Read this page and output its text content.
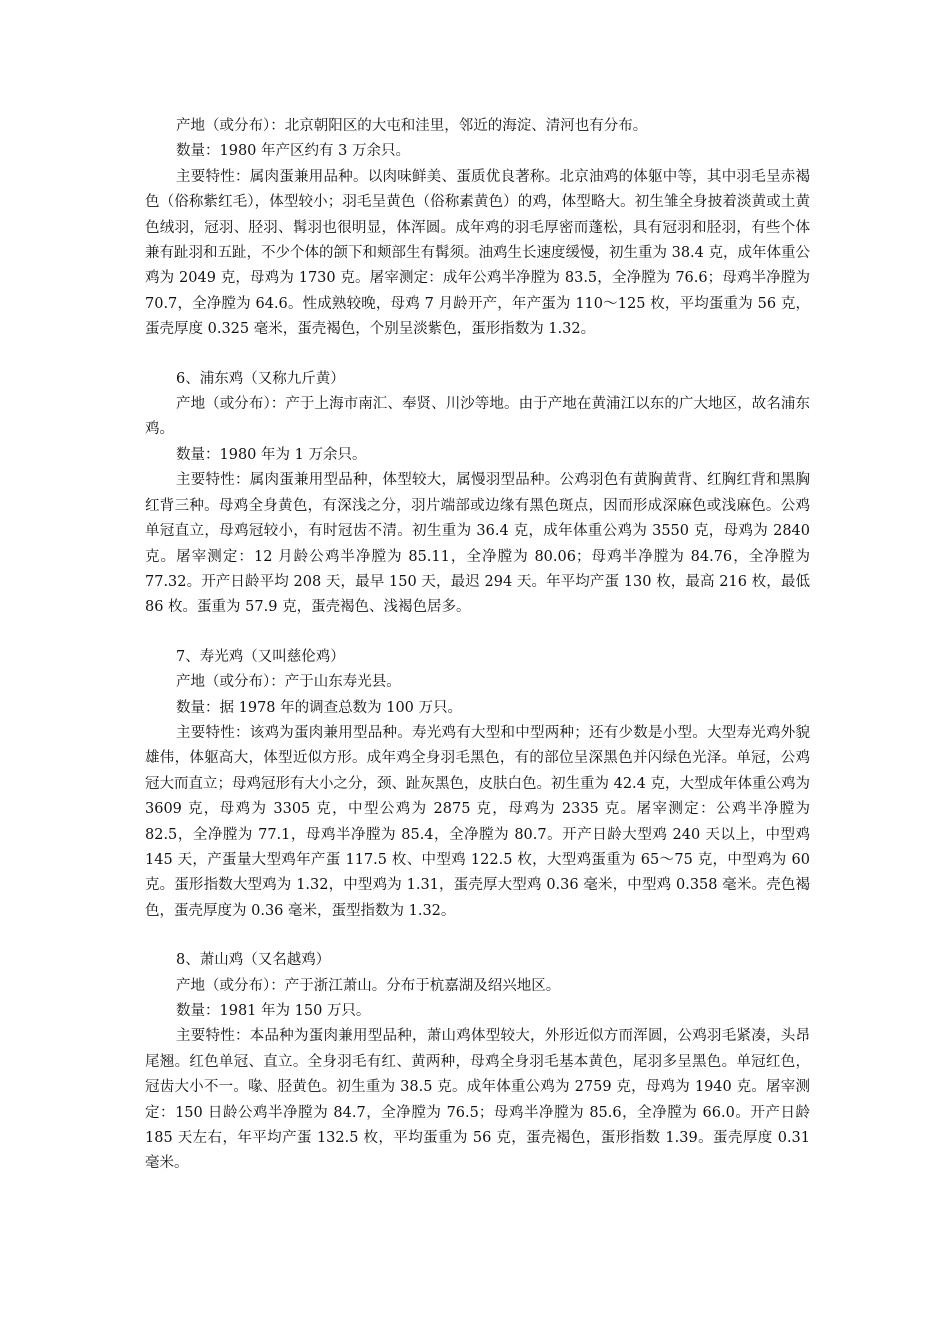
产地（或分布）：北京朝阳区的大屯和洼里，邻近的海淀、清河也有分布。

数量：1980 年产区约有 3 万余只。

主要特性：属肉蛋兼用品种。以肉味鲜美、蛋质优良著称。北京油鸡的体躯中等，其中羽毛呈赤褐色（俗称紫红毛），体型较小；羽毛呈黄色（俗称素黄色）的鸡，体型略大。初生雏全身披着淡黄或土黄色绒羽，冠羽、胫羽、髯羽也很明显，体浑圆。成年鸡的羽毛厚密而蓬松，具有冠羽和胫羽，有些个体兼有趾羽和五趾，不少个体的颌下和颊部生有髯须。油鸡生长速度缓慢，初生重为 38.4 克，成年体重公鸡为 2049 克，母鸡为 1730 克。屠宰测定：成年公鸡半净膛为 83.5，全净膛为 76.6；母鸡半净膛为 70.7，全净膛为 64.6。性成熟较晚，母鸡 7 月龄开产，年产蛋为 110～125 枚，平均蛋重为 56 克，蛋壳厚度 0.325 毫米，蛋壳褐色，个别呈淡紫色，蛋形指数为 1.32。

6、浦东鸡（又称九斤黄）

产地（或分布）：产于上海市南汇、奉贤、川沙等地。由于产地在黄浦江以东的广大地区，故名浦东鸡。

数量：1980 年为 1 万余只。

主要特性：属肉蛋兼用型品种，体型较大，属慢羽型品种。公鸡羽色有黄胸黄背、红胸红背和黑胸红背三种。母鸡全身黄色，有深浅之分，羽片端部或边缘有黑色斑点，因而形成深麻色或浅麻色。公鸡单冠直立，母鸡冠较小，有时冠齿不清。初生重为 36.4 克，成年体重公鸡为 3550 克，母鸡为 2840 克。屠宰测定：12 月龄公鸡半净膛为 85.11，全净膛为 80.06；母鸡半净膛为 84.76，全净膛为 77.32。开产日龄平均 208 天，最早 150 天，最迟 294 天。年平均产蛋 130 枚，最高 216 枚，最低 86 枚。蛋重为 57.9 克，蛋壳褐色、浅褐色居多。

7、寿光鸡（又叫慈伦鸡）

产地（或分布）：产于山东寿光县。

数量：据 1978 年的调查总数为 100 万只。

主要特性：该鸡为蛋肉兼用型品种。寿光鸡有大型和中型两种；还有少数是小型。大型寿光鸡外貌雄伟，体躯高大，体型近似方形。成年鸡全身羽毛黑色，有的部位呈深黑色并闪绿色光泽。单冠，公鸡冠大而直立；母鸡冠形有大小之分，颈、趾灰黑色，皮肤白色。初生重为 42.4 克，大型成年体重公鸡为 3609 克，母鸡为 3305 克，中型公鸡为 2875 克，母鸡为 2335 克。屠宰测定：公鸡半净膛为 82.5，全净膛为 77.1，母鸡半净膛为 85.4，全净膛为 80.7。开产日龄大型鸡 240 天以上，中型鸡 145 天，产蛋量大型鸡年产蛋 117.5 枚、中型鸡 122.5 枚，大型鸡蛋重为 65～75 克，中型鸡为 60 克。蛋形指数大型鸡为 1.32，中型鸡为 1.31，蛋壳厚大型鸡 0.36 毫米，中型鸡 0.358 毫米。壳色褐色，蛋壳厚度为 0.36 毫米，蛋型指数为 1.32。

8、萧山鸡（又名越鸡）

产地（或分布）：产于浙江萧山。分布于杭嘉湖及绍兴地区。

数量：1981 年为 150 万只。

主要特性：本品种为蛋肉兼用型品种，萧山鸡体型较大，外形近似方而浑圆，公鸡羽毛紧凑，头昂尾翘。红色单冠、直立。全身羽毛有红、黄两种，母鸡全身羽毛基本黄色，尾羽多呈黑色。单冠红色，冠齿大小不一。喙、胫黄色。初生重为 38.5 克。成年体重公鸡为 2759 克，母鸡为 1940 克。屠宰测定：150 日龄公鸡半净膛为 84.7，全净膛为 76.5；母鸡半净膛为 85.6，全净膛为 66.0。开产日龄 185 天左右，年平均产蛋 132.5 枚，平均蛋重为 56 克，蛋壳褐色，蛋形指数 1.39。蛋壳厚度 0.31 毫米。
